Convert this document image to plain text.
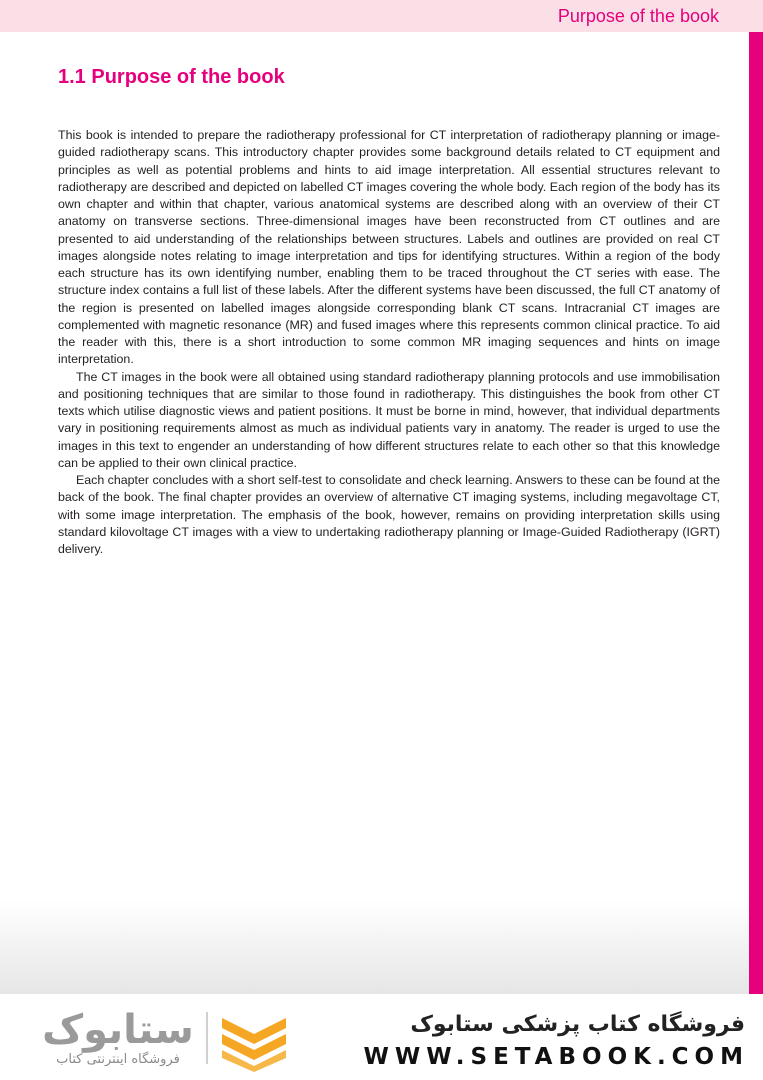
Purpose of the book
1.1 Purpose of the book

This book is intended to prepare the radiotherapy professional for CT interpretation of radiotherapy planning or image-guided radiotherapy scans. This introductory chapter provides some background details related to CT equipment and principles as well as potential problems and hints to aid image interpretation. All essential structures relevant to radiotherapy are described and depicted on labelled CT images covering the whole body. Each region of the body has its own chapter and within that chapter, various anatomical systems are described along with an overview of their CT anatomy on transverse sections. Three-dimensional images have been reconstructed from CT outlines and are presented to aid understanding of the relationships between structures. Labels and outlines are provided on real CT images alongside notes relating to image interpretation and tips for identifying structures. Within a region of the body each structure has its own identifying number, enabling them to be traced throughout the CT series with ease. The structure index contains a full list of these labels. After the different systems have been discussed, the full CT anatomy of the region is presented on labelled images alongside corresponding blank CT scans. Intracranial CT images are complemented with magnetic resonance (MR) and fused images where this represents common clinical practice. To aid the reader with this, there is a short introduction to some common MR imaging sequences and hints on image interpretation.

The CT images in the book were all obtained using standard radiotherapy planning protocols and use immobilisation and positioning techniques that are similar to those found in radiotherapy. This distinguishes the book from other CT texts which utilise diagnostic views and patient positions. It must be borne in mind, however, that individual departments vary in positioning requirements almost as much as individual patients vary in anatomy. The reader is urged to use the images in this text to engender an understanding of how different structures relate to each other so that this knowledge can be applied to their own clinical practice.

Each chapter concludes with a short self-test to consolidate and check learning. Answers to these can be found at the back of the book. The final chapter provides an overview of alternative CT imaging systems, including megavoltage CT, with some image interpretation. The emphasis of the book, however, remains on providing interpretation skills using standard kilovoltage CT images with a view to undertaking radiotherapy planning or Image-Guided Radiotherapy (IGRT) delivery.

ستابوک
فروشگاه اینترنتی کتاب
فروشگاه کتاب پزشکی ستابوک
WWW.SETABOOK.COM
